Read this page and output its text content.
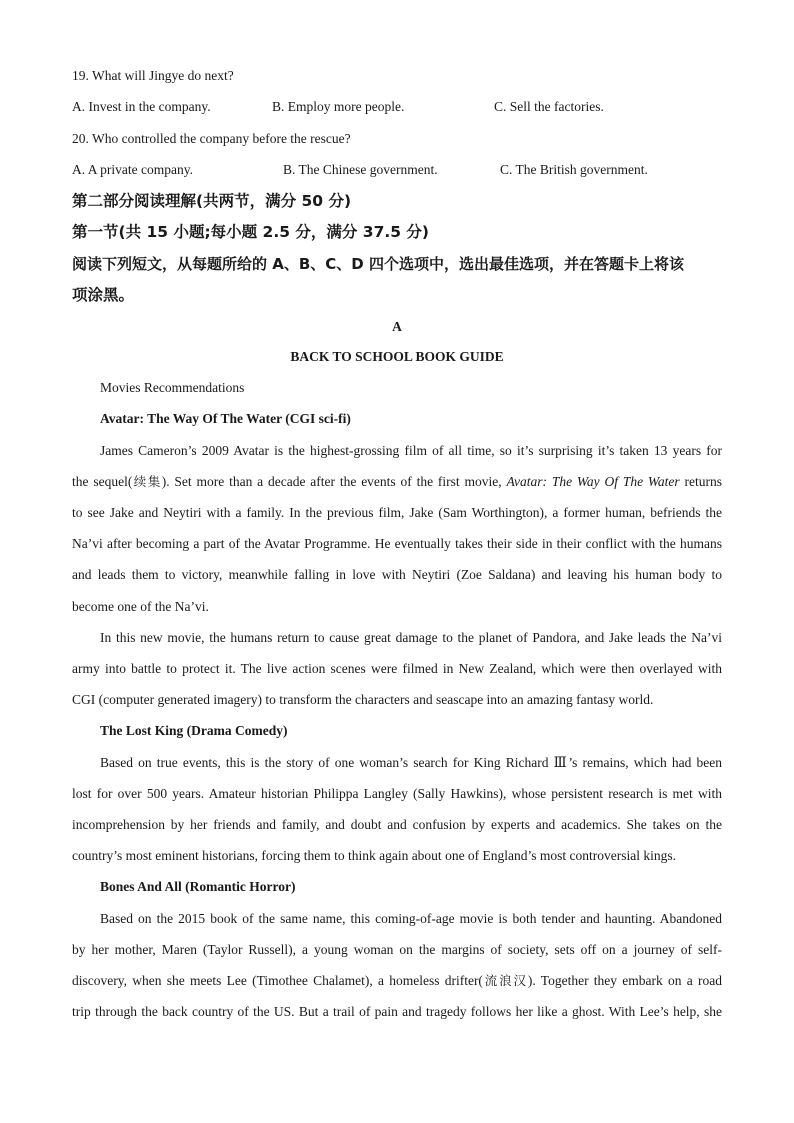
19. What will Jingye do next?
A. Invest in the company.	B. Employ more people.	C. Sell the factories.
20. Who controlled the company before the rescue?
A. A private company.	B. The Chinese government.	C. The British government.
第二部分阅读理解(共两节，满分 50 分)
第一节(共 15 小题;每小题 2.5 分，满分 37.5 分)
阅读下列短文，从每题所给的 A、B、C、D 四个选项中，选出最佳选项，并在答题卡上将该
项涂黑。
A
BACK TO SCHOOL BOOK GUIDE
Movies Recommendations
Avatar: The Way Of The Water (CGI sci-fi)
James Cameron’s 2009 Avatar is the highest-grossing film of all time, so it’s surprising it’s taken 13 years for
the sequel(续集). Set more than a decade after the events of the first movie, Avatar: The Way Of The Water returns
to see Jake and Neytiri with a family. In the previous film, Jake (Sam Worthington), a former human, befriends the
Na’vi after becoming a part of the Avatar Programme. He eventually takes their side in their conflict with the humans
and leads them to victory, meanwhile falling in love with Neytiri (Zoe Saldana) and leaving his human body to
become one of the Na’vi.
In this new movie, the humans return to cause great damage to the planet of Pandora, and Jake leads the Na’vi
army into battle to protect it. The live action scenes were filmed in New Zealand, which were then overlayed with
CGI (computer generated imagery) to transform the characters and seascape into an amazing fantasy world.
The Lost King (Drama Comedy)
Based on true events, this is the story of one woman’s search for King Richard Ⅲ’s remains, which had been
lost for over 500 years. Amateur historian Philippa Langley (Sally Hawkins), whose persistent research is met with
incomprehension by her friends and family, and doubt and confusion by experts and academics. She takes on the
country’s most eminent historians, forcing them to think again about one of England’s most controversial kings.
Bones And All (Romantic Horror)
Based on the 2015 book of the same name, this coming-of-age movie is both tender and haunting. Abandoned
by her mother, Maren (Taylor Russell), a young woman on the margins of society, sets off on a journey of self-
discovery, when she meets Lee (Timothee Chalamet), a homeless drifter(流浪汉). Together they embark on a road
trip through the back country of the US. But a trail of pain and tragedy follows her like a ghost. With Lee’s help, she
